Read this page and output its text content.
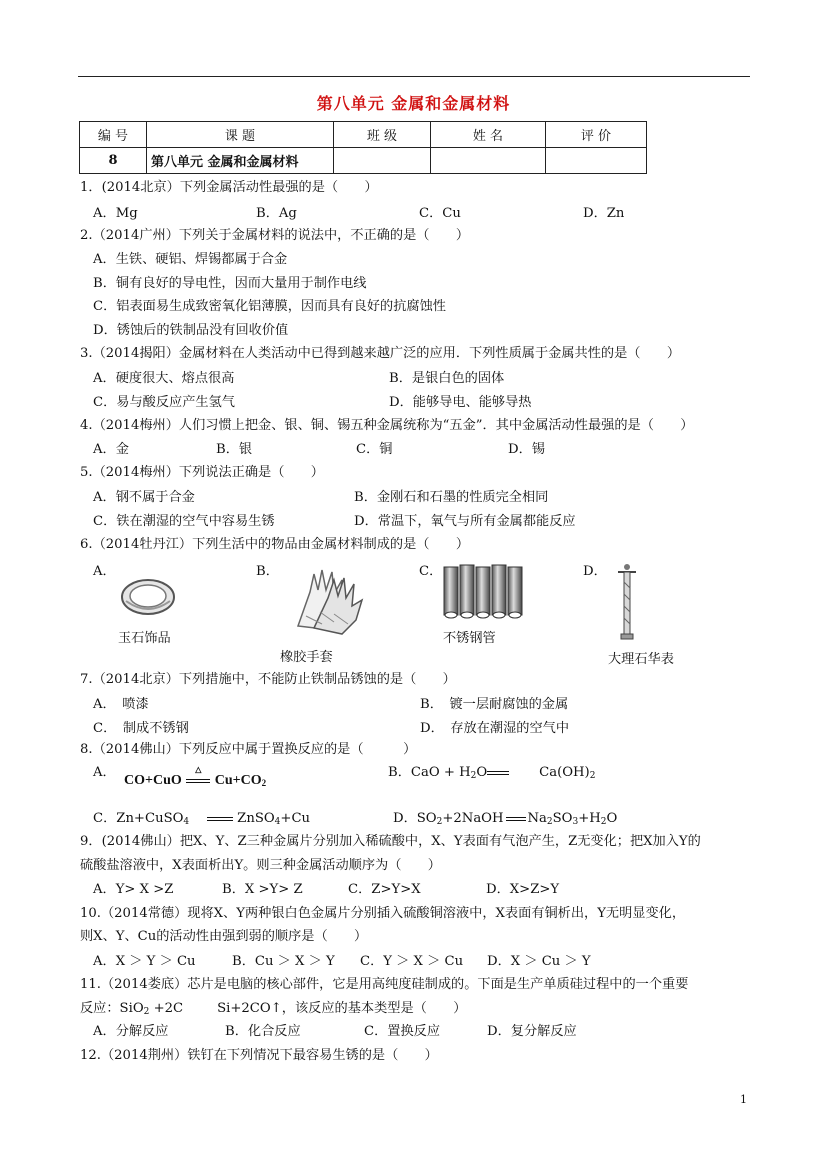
第八单元 金属和金属材料
编 号	课 题	班 级	姓 名	评 价
8	第八单元 金属和金属材料			
1．(2014北京）下列金属活动性最强的是（　　）
A．Mg	B．Ag	C．Cu	D．Zn
2.（2014广州）下列关于金属材料的说法中，不正确的是（　　）
A．生铁、硬铝、焊锡都属于合金
B．铜有良好的导电性，因而大量用于制作电线
C．铝表面易生成致密氧化铝薄膜，因而具有良好的抗腐蚀性
D．锈蚀后的铁制品没有回收价值
3.（2014揭阳）金属材料在人类活动中已得到越来越广泛的应用．下列性质属于金属共性的是（　　）
A．硬度很大、熔点很高	B．是银白色的固体
C．易与酸反应产生氢气	D．能够导电、能够导热
4.（2014梅州）人们习惯上把金、银、铜、锡五种金属统称为“五金”．其中金属活动性最强的是（　　）
A．金	B．银	C．铜	D．锡
5.（2014梅州）下列说法正确是（　　）
A．钢不属于合金	B．金刚石和石墨的性质完全相同
C．铁在潮湿的空气中容易生锈	D．常温下，氧气与所有金属都能反应
6.（2014牡丹江）下列生活中的物品由金属材料制成的是（　　）
A．	B．	C．	D．
玉石饰品
橡胶手套
不锈钢管
大理石华表
7.（2014北京）下列措施中，不能防止铁制品锈蚀的是（　　）
A．　喷漆	B．　镀一层耐腐蚀的金属
C．　制成不锈钢	D．　存放在潮湿的空气中
8.（2014佛山）下列反应中属于置换反应的是（　　　）
A．
CO+CuO
△
$Cu+CO_2$
B．CaO + $H_2O$	$Ca(OH)_2$
C．Zn+CuSO$_4$	ZnSO$_4$+Cu	D．$SO_2+2NaOH$ $Na_2SO_3+H_2O$
9．(2014佛山）把X、Y、Z三种金属片分别加入稀硫酸中，X、Y表面有气泡产生，Z无变化；把X加入Y的
硫酸盐溶液中，X表面析出Y。则三种金属活动顺序为（　　）
A．Y> X >Z	B．X >Y> Z	C．Z>Y>X	D．X>Z>Y
10.（2014常德）现将X、Y两种银白色金属片分别插入硫酸铜溶液中，X表面有铜析出，Y无明显变化，
则X、Y、Cu的活动性由强到弱的顺序是（　　）
A．X ＞ Y ＞ Cu	B．Cu ＞ X ＞ Y C．Y ＞ X ＞ Cu D．X ＞ Cu ＞ Y
11.（2014娄底）芯片是电脑的核心部件，它是用高纯度硅制成的。下面是生产单质硅过程中的一个重要
反应：SiO$_2$ +2C	Si+2CO↑，该反应的基本类型是（　　）
A．分解反应	B．化合反应	C．置换反应	D．复分解反应
12.（2014荆州）铁钉在下列情况下最容易生锈的是（　　）
1
